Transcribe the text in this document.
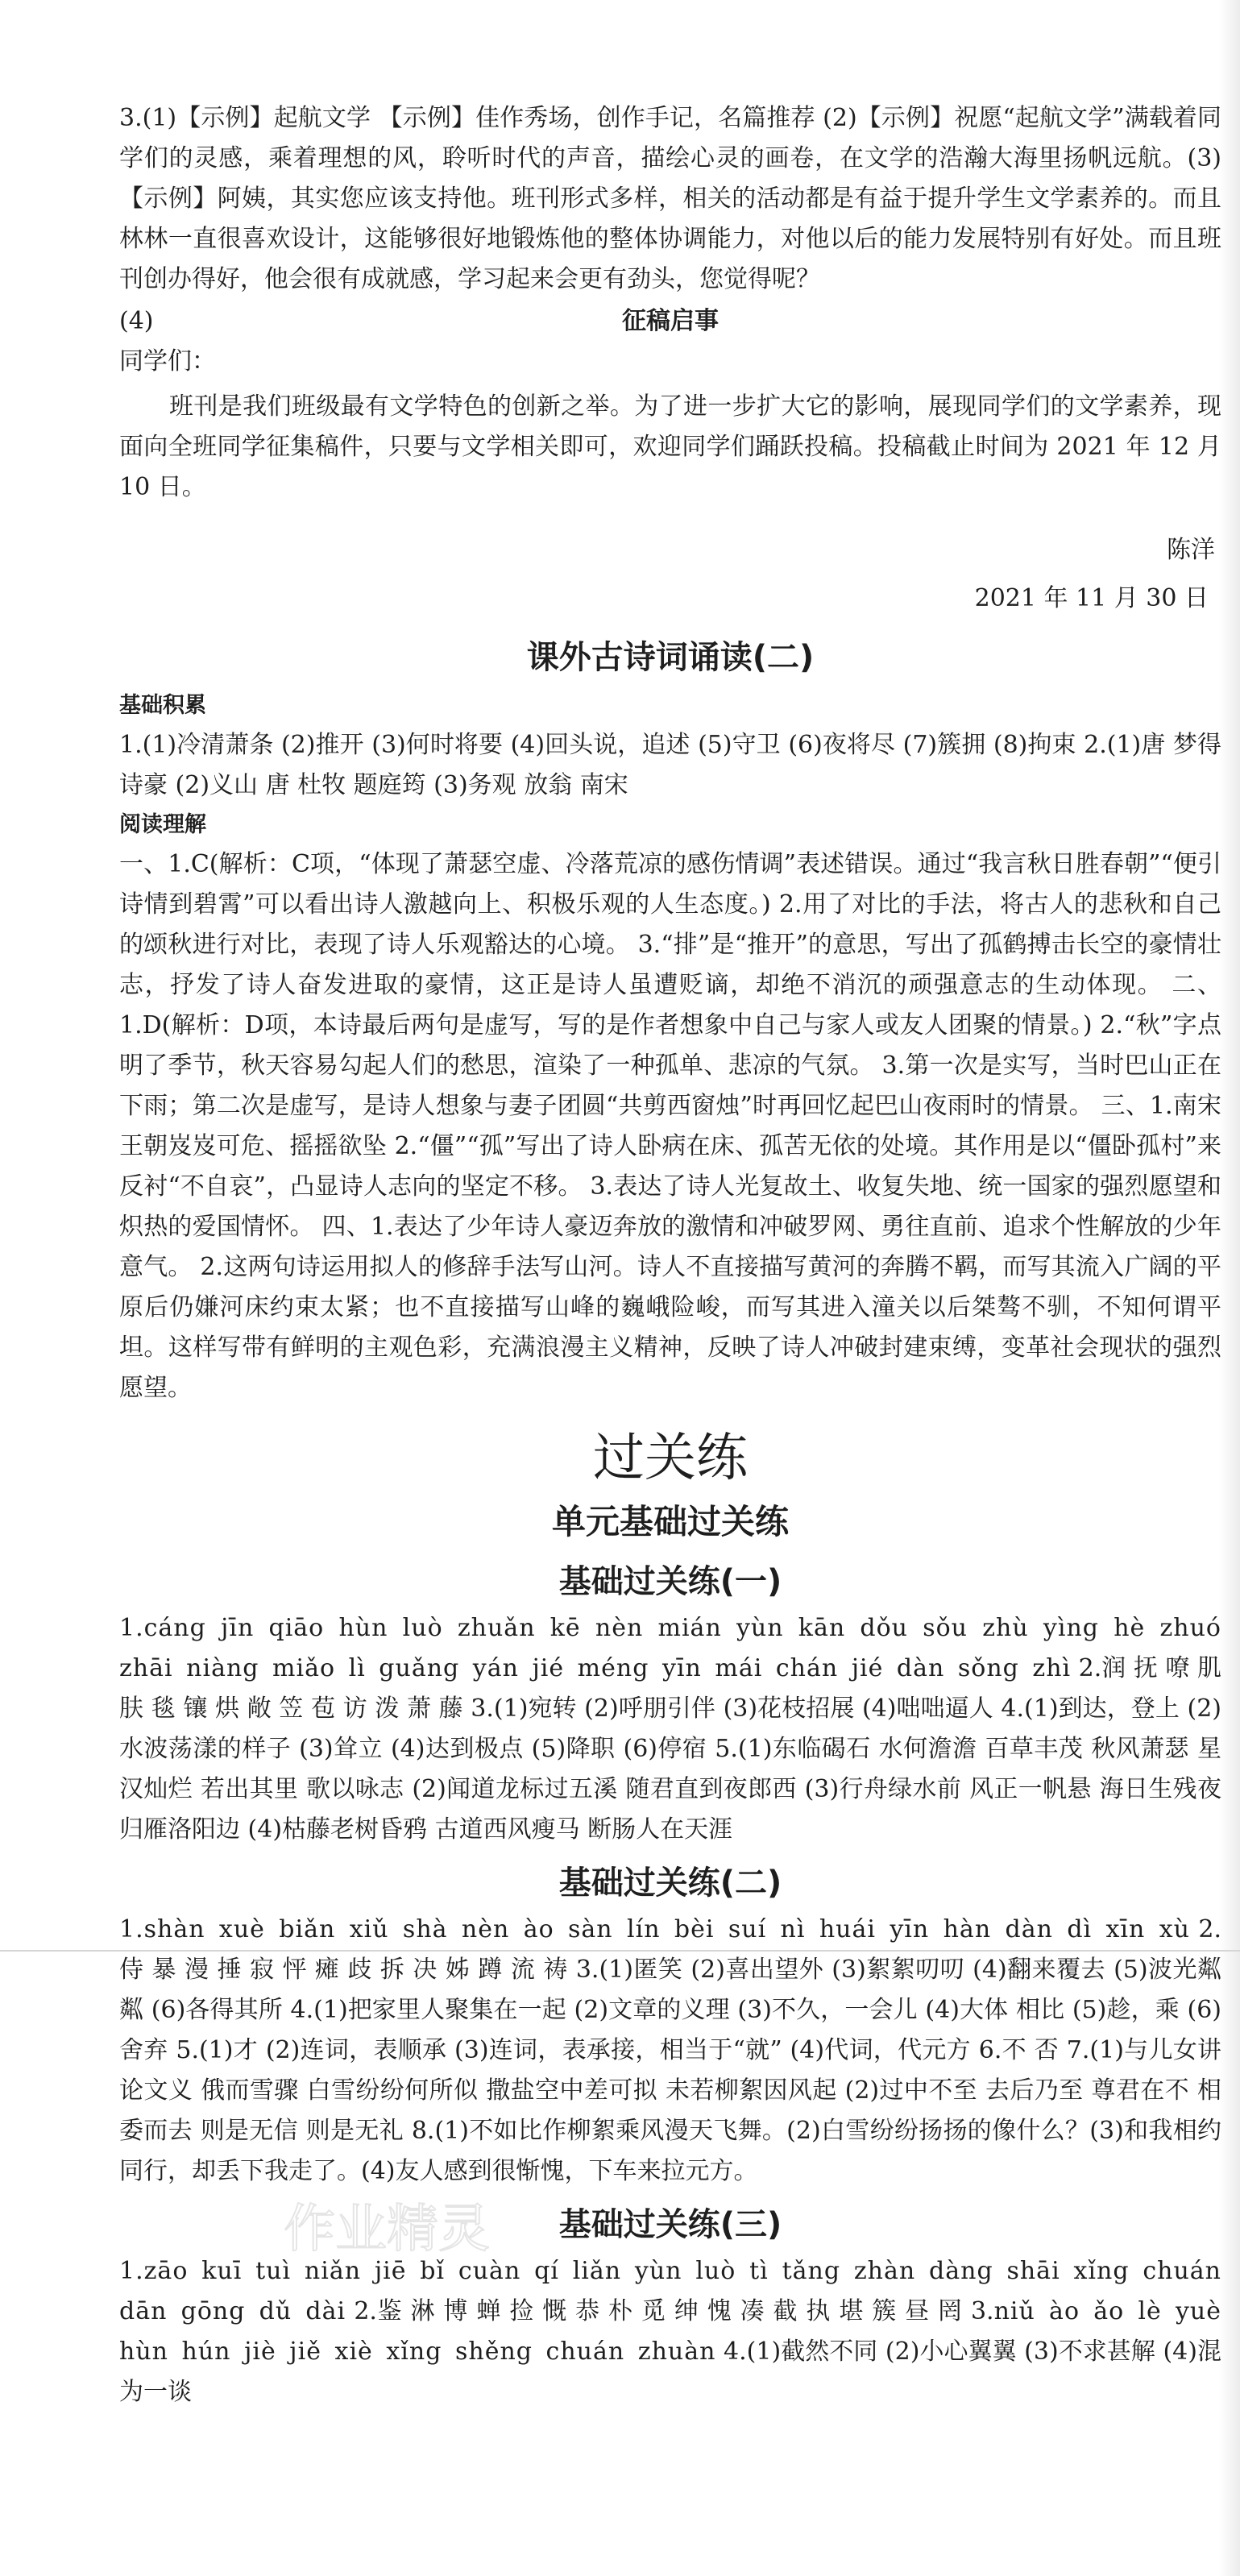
3.(1)【示例】起航文学 【示例】佳作秀场，创作手记，名篇推荐 (2)【示例】祝愿“起航文学”满载着同学们的灵感，乘着理想的风，聆听时代的声音，描绘心灵的画卷，在文学的浩瀚大海里扬帆远航。(3)【示例】阿姨，其实您应该支持他。班刊形式多样，相关的活动都是有益于提升学生文学素养的。而且林林一直很喜欢设计，这能够很好地锻炼他的整体协调能力，对他以后的能力发展特别有好处。而且班刊创办得好，他会很有成就感，学习起来会更有劲头，您觉得呢？

(4)	征稿启事

同学们：

班刊是我们班级最有文学特色的创新之举。为了进一步扩大它的影响，展现同学们的文学素养，现面向全班同学征集稿件，只要与文学相关即可，欢迎同学们踊跃投稿。投稿截止时间为 2021 年 12 月 10 日。

陈洋

2021 年 11 月 30 日

课外古诗词诵读(二)

基础积累

1.(1)冷清萧条 (2)推开 (3)何时将要 (4)回头说，追述 (5)守卫 (6)夜将尽 (7)簇拥 (8)拘束 2.(1)唐 梦得 诗豪 (2)义山 唐 杜牧 题庭筠 (3)务观 放翁 南宋

阅读理解

一、1.C(解析：C项，“体现了萧瑟空虚、冷落荒凉的感伤情调”表述错误。通过“我言秋日胜春朝”“便引诗情到碧霄”可以看出诗人激越向上、积极乐观的人生态度。) 2.用了对比的手法，将古人的悲秋和自己的颂秋进行对比，表现了诗人乐观豁达的心境。 3.“排”是“推开”的意思，写出了孤鹤搏击长空的豪情壮志，抒发了诗人奋发进取的豪情，这正是诗人虽遭贬谪，却绝不消沉的顽强意志的生动体现。 二、1.D(解析：D项，本诗最后两句是虚写，写的是作者想象中自己与家人或友人团聚的情景。) 2.“秋”字点明了季节，秋天容易勾起人们的愁思，渲染了一种孤单、悲凉的气氛。 3.第一次是实写，当时巴山正在下雨；第二次是虚写，是诗人想象与妻子团圆“共剪西窗烛”时再回忆起巴山夜雨时的情景。 三、1.南宋王朝岌岌可危、摇摇欲坠 2.“僵”“孤”写出了诗人卧病在床、孤苦无依的处境。其作用是以“僵卧孤村”来反衬“不自哀”，凸显诗人志向的坚定不移。 3.表达了诗人光复故土、收复失地、统一国家的强烈愿望和炽热的爱国情怀。 四、1.表达了少年诗人豪迈奔放的激情和冲破罗网、勇往直前、追求个性解放的少年意气。 2.这两句诗运用拟人的修辞手法写山河。诗人不直接描写黄河的奔腾不羁，而写其流入广阔的平原后仍嫌河床约束太紧；也不直接描写山峰的巍峨险峻，而写其进入潼关以后桀骜不驯，不知何谓平坦。这样写带有鲜明的主观色彩，充满浪漫主义精神，反映了诗人冲破封建束缚，变革社会现状的强烈愿望。

过关练

单元基础过关练

基础过关练(一)

1.cáng jīn qiāo hùn luò zhuǎn kē nèn mián yùn kān dǒu sǒu zhù yìng hè zhuó zhāi niàng miǎo lì guǎng yán jié méng yīn mái chán jié dàn sǒng zhì 2.润 抚 嘹 肌肤 毯 镶 烘 敞 笠 苞 访 泼 萧 藤 3.(1)宛转 (2)呼朋引伴 (3)花枝招展 (4)咄咄逼人 4.(1)到达，登上 (2)水波荡漾的样子 (3)耸立 (4)达到极点 (5)降职 (6)停宿 5.(1)东临碣石 水何澹澹 百草丰茂 秋风萧瑟 星汉灿烂 若出其里 歌以咏志 (2)闻道龙标过五溪 随君直到夜郎西 (3)行舟绿水前 风正一帆悬 海日生残夜 归雁洛阳边 (4)枯藤老树昏鸦 古道西风瘦马 断肠人在天涯

基础过关练(二)

1.shàn xuè biǎn xiǔ shà nèn ào sàn lín bèi suí nì huái yīn hàn dàn dì xīn xù 2.侍 暴 漫 捶 寂 怦 瘫 歧 拆 决 姊 蹲 流 祷 3.(1)匿笑 (2)喜出望外 (3)絮絮叨叨 (4)翻来覆去 (5)波光粼粼 (6)各得其所 4.(1)把家里人聚集在一起 (2)文章的义理 (3)不久，一会儿 (4)大体 相比 (5)趁，乘 (6)舍弃 5.(1)才 (2)连词，表顺承 (3)连词，表承接，相当于“就” (4)代词，代元方 6.不 否 7.(1)与儿女讲论文义 俄而雪骤 白雪纷纷何所似 撒盐空中差可拟 未若柳絮因风起 (2)过中不至 去后乃至 尊君在不 相委而去 则是无信 则是无礼 8.(1)不如比作柳絮乘风漫天飞舞。(2)白雪纷纷扬扬的像什么？(3)和我相约同行，却丢下我走了。(4)友人感到很惭愧，下车来拉元方。

基础过关练(三)

1.zāo kuī tuì niǎn jiē bǐ cuàn qí liǎn yùn luò tì tǎng zhàn dàng shāi xǐng chuán dān gōng dǔ dài 2.鉴 淋 博 蝉 捡 慨 恭 朴 觅 绅 愧 凑 截 执 堪 簇 昼 罔 3.niǔ ào ǎo lè yuè hùn hún jiè jiě xiè xǐng shěng chuán zhuàn 4.(1)截然不同 (2)小心翼翼 (3)不求甚解 (4)混为一谈

作业精灵
